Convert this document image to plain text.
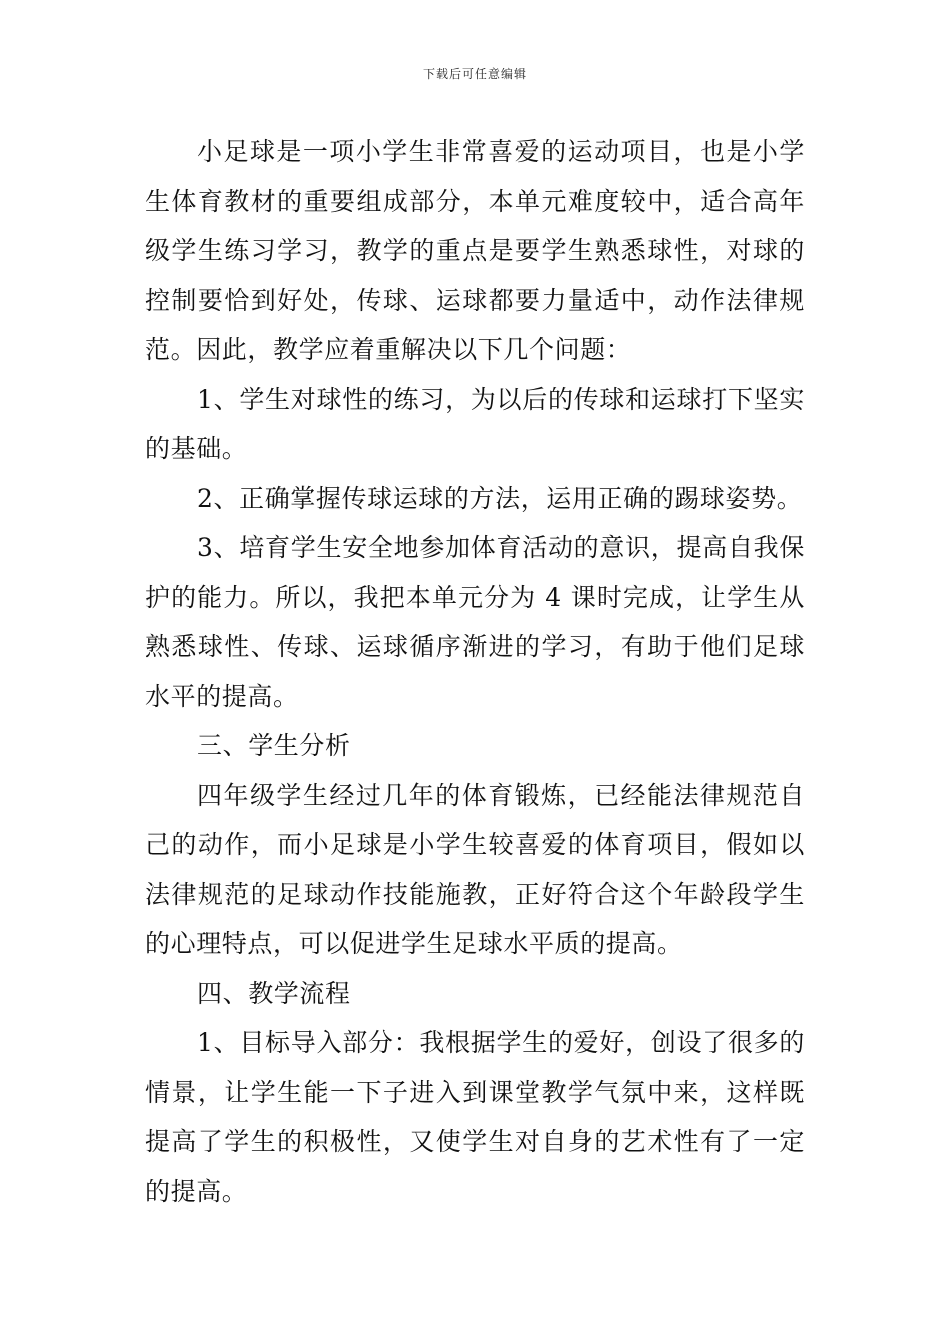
下载后可任意编辑

小足球是一项小学生非常喜爱的运动项目，也是小学生体育教材的重要组成部分，本单元难度较中，适合高年级学生练习学习，教学的重点是要学生熟悉球性，对球的控制要恰到好处，传球、运球都要力量适中，动作法律规范。因此，教学应着重解决以下几个问题：

1、学生对球性的练习，为以后的传球和运球打下坚实的基础。

2、正确掌握传球运球的方法，运用正确的踢球姿势。

3、培育学生安全地参加体育活动的意识，提高自我保护的能力。所以，我把本单元分为 4 课时完成，让学生从熟悉球性、传球、运球循序渐进的学习，有助于他们足球水平的提高。

三、学生分析

四年级学生经过几年的体育锻炼，已经能法律规范自己的动作，而小足球是小学生较喜爱的体育项目，假如以法律规范的足球动作技能施教，正好符合这个年龄段学生的心理特点，可以促进学生足球水平质的提高。

四、教学流程

1、目标导入部分：我根据学生的爱好，创设了很多的情景，让学生能一下子进入到课堂教学气氛中来，这样既提高了学生的积极性，又使学生对自身的艺术性有了一定的提高。
